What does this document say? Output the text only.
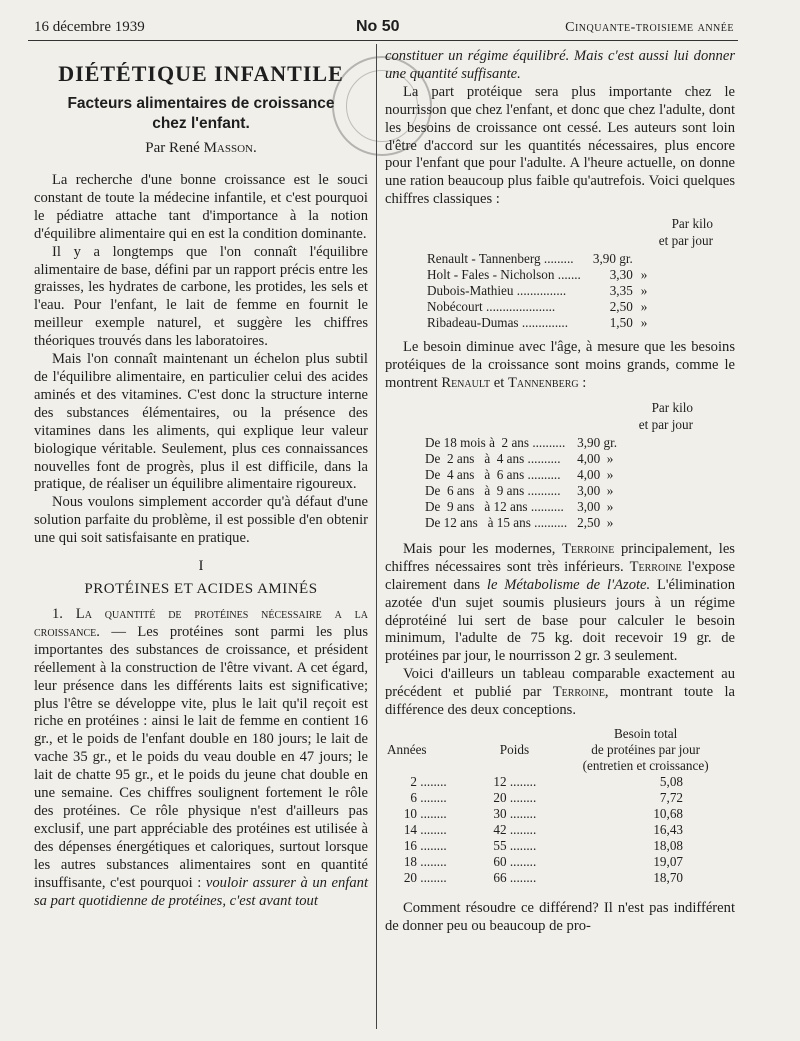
16 décembre 1939	No 50	Cinquante-troisieme année
DIÉTÉTIQUE INFANTILE
Facteurs alimentaires de croissance
chez l'enfant.
Par René Masson.

La recherche d'une bonne croissance est le souci constant de toute la médecine infantile, et c'est pourquoi le pédiatre attache tant d'importance à la notion d'équilibre alimentaire qui en est la condition dominante.

Il y a longtemps que l'on connaît l'équilibre alimentaire de base, défini par un rapport précis entre les graisses, les hydrates de carbone, les protides, les sels et l'eau. Pour l'enfant, le lait de femme en fournit le meilleur exemple naturel, et suggère les chiffres théoriques trouvés dans les laboratoires.

Mais l'on connaît maintenant un échelon plus subtil de l'équilibre alimentaire, en particulier celui des acides aminés et des vitamines. C'est donc la structure interne des substances élémentaires, ou la présence des vitamines dans les aliments, qui explique leur valeur biologique véritable. Seulement, plus ces connaissances nouvelles font de progrès, plus il est difficile, dans la pratique, de réaliser un équilibre alimentaire rigoureux.

Nous voulons simplement accorder qu'à défaut d'une solution parfaite du problème, il est possible d'en obtenir une qui soit satisfaisante en pratique.

I
PROTÉINES ET ACIDES AMINÉS

1. La quantité de protéines nécessaire a la croissance. — Les protéines sont parmi les plus importantes des substances de croissance, et président réellement à la construction de l'être vivant. A cet égard, leur présence dans les différents laits est significative; plus l'être se développe vite, plus le lait qu'il reçoit est riche en protéines : ainsi le lait de femme en contient 16 gr., et le poids de l'enfant double en 180 jours; le lait de vache 35 gr., et le poids du veau double en 47 jours; le lait de chatte 95 gr., et le poids du jeune chat double en une semaine. Ces chiffres soulignent fortement le rôle des protéines. Ce rôle physique n'est d'ailleurs pas exclusif, une part appréciable des protéines est utilisée à des dépenses énergétiques et caloriques, surtout lorsque les autres substances alimentaires sont en quantité insuffisante, c'est pourquoi : vouloir assurer à un enfant sa part quotidienne de protéines, c'est avant tout

constituer un régime équilibré. Mais c'est aussi lui donner une quantité suffisante.

La part protéique sera plus importante chez le nourrisson que chez l'enfant, et donc que chez l'adulte, dont les besoins de croissance ont cessé. Les auteurs sont loin d'être d'accord sur les quantités nécessaires, plus encore pour l'enfant que pour l'adulte. A l'heure actuelle, on donne une ration beaucoup plus faible qu'autrefois. Voici quelques chiffres classiques :

Par kilo
et par jour
Renault - Tannenberg .........	3,90 gr.	
Holt - Fales - Nicholson .......	3,30	»
Dubois-Mathieu ...............	3,35	»
Nobécourt .....................	2,50	»
Ribadeau-Dumas ..............	1,50	»

Le besoin diminue avec l'âge, à mesure que les besoins protéiques de la croissance sont moins grands, comme le montrent Renault et Tannenberg :

Par kilo
et par jour
De 18 mois à  2 ans ..........	3,90 gr.
De  2 ans   à  4 ans ..........	4,00  »
De  4 ans   à  6 ans ..........	4,00  »
De  6 ans   à  9 ans ..........	3,00  »
De  9 ans   à 12 ans ..........	3,00  »
De 12 ans   à 15 ans ..........	2,50  »

Mais pour les modernes, Terroine principalement, les chiffres nécessaires sont très inférieurs. Terroine l'expose clairement dans le Métabolisme de l'Azote. L'élimination azotée d'un sujet soumis plusieurs jours à un régime déprotéiné lui sert de base pour calculer le besoin minimum, l'adulte de 75 kg. doit recevoir 19 gr. de protéines par jour, le nourrisson 2 gr. 3 seulement.

Voici d'ailleurs un tableau comparable exactement au précédent et publié par Terroine, montrant toute la différence des deux conceptions.

Années	Poids	Besoin total
de protéines par jour
(entretien et croissance)

2 ........	12 ........	5,08
6 ........	20 ........	7,72
10 ........	30 ........	10,68
14 ........	42 ........	16,43
16 ........	55 ........	18,08
18 ........	60 ........	19,07
20 ........	66 ........	18,70

Comment résoudre ce différend? Il n'est pas indifférent de donner peu ou beaucoup de pro-
